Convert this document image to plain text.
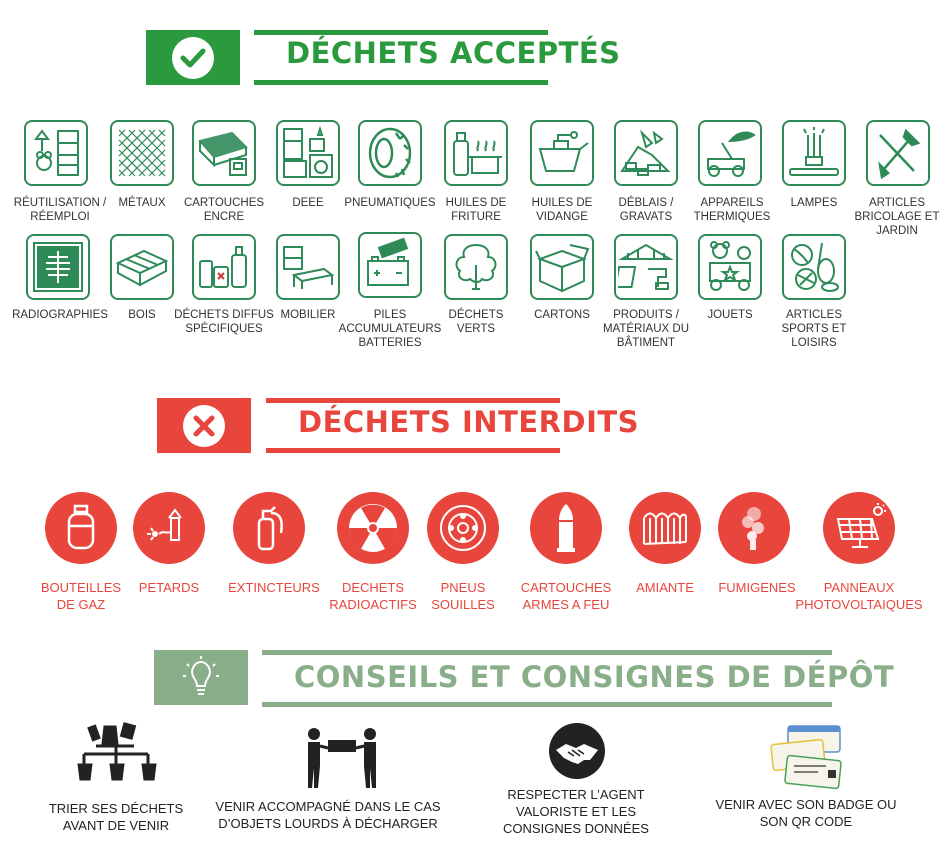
DÉCHETS ACCEPTÉS
RÉUTILISATION / RÉEMPLOI
MÉTAUX	CARTOUCHES ENCRE
DEEE	PNEUMATIQUES HUILES DE FRITURE
HUILES DE VIDANGE
DÉBLAIS / GRAVATS
APPAREILS THERMIQUES
LAMPES	ARTICLES BRICOLAGE ET JARDIN
RADIOGRAPHIES	BOIS	DÉCHETS DIFFUS SPÉCIFIQUES
MOBILIER	PILES ACCUMULATEURS BATTERIES
DÉCHETS VERTS
CARTONS	PRODUITS / MATÉRIAUX DU BÂTIMENT
JOUETS	ARTICLES SPORTS ET LOISIRS
DÉCHETS INTERDITS
BOUTEILLES DE GAZ
PETARDS	EXTINCTEURS	DECHETS RADIOACTIFS
PNEUS SOUILLES
CARTOUCHES ARMES A FEU
AMIANTE	FUMIGENES	PANNEAUX PHOTOVOLTAIQUES
CONSEILS ET CONSIGNES DE DÉPÔT
TRIER SES DÉCHETS AVANT DE VENIR
VENIR ACCOMPAGNÉ DANS LE CAS D’OBJETS LOURDS À DÉCHARGER
RESPECTER L’AGENT VALORISTE ET LES CONSIGNES DONNÉES
VENIR AVEC SON BADGE OU SON QR CODE
